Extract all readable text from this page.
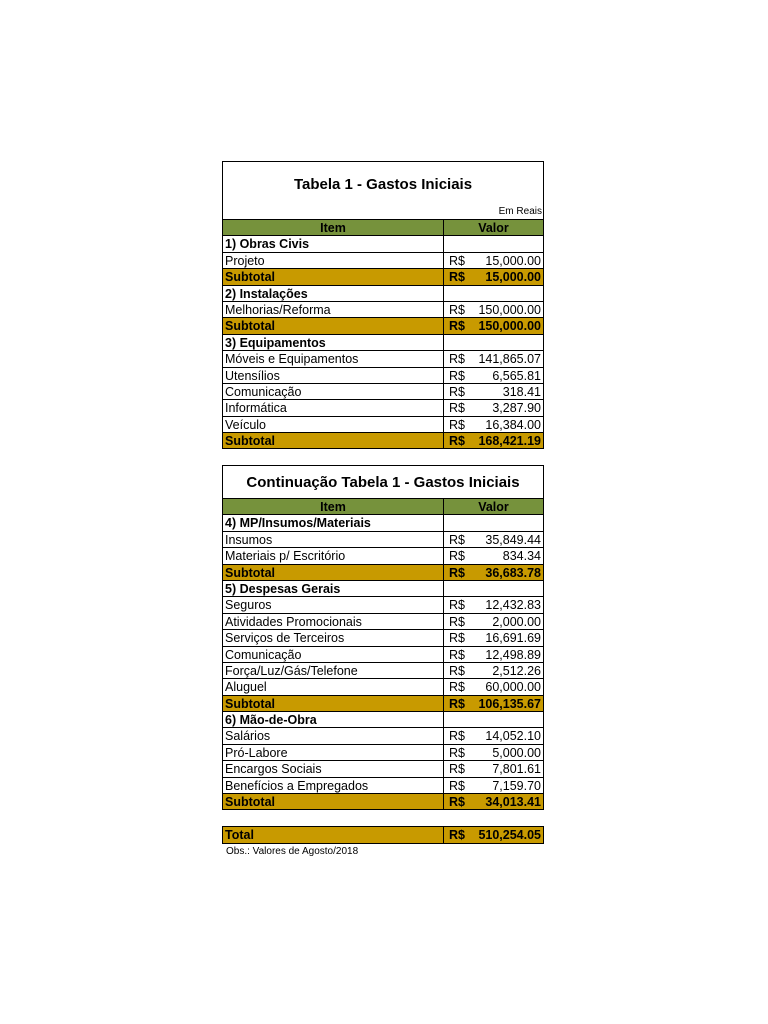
Tabela 1 - Gastos Iniciais
Em Reais
Item	Valor
1) Obras Civis
Projeto	R$	15,000.00
Subtotal	R$	15,000.00
2) Instalações
Melhorias/Reforma	R$	150,000.00
Subtotal	R$	150,000.00
3) Equipamentos
Móveis e Equipamentos	R$	141,865.07
Utensílios	R$	6,565.81
Comunicação	R$	318.41
Informática	R$	3,287.90
Veículo	R$	16,384.00
Subtotal	R$	168,421.19
Continuação Tabela 1 - Gastos Iniciais
Item	Valor
4) MP/Insumos/Materiais
Insumos	R$	35,849.44
Materiais p/ Escritório	R$	834.34
Subtotal	R$	36,683.78
5) Despesas Gerais
Seguros	R$	12,432.83
Atividades Promocionais	R$	2,000.00
Serviços de Terceiros	R$	16,691.69
Comunicação	R$	12,498.89
Força/Luz/Gás/Telefone	R$	2,512.26
Aluguel	R$	60,000.00
Subtotal	R$	106,135.67
6) Mão-de-Obra
Salários	R$	14,052.10
Pró-Labore	R$	5,000.00
Encargos Sociais	R$	7,801.61
Benefícios a Empregados	R$	7,159.70
Subtotal	R$	34,013.41
Total	R$	510,254.05
Obs.: Valores de Agosto/2018
